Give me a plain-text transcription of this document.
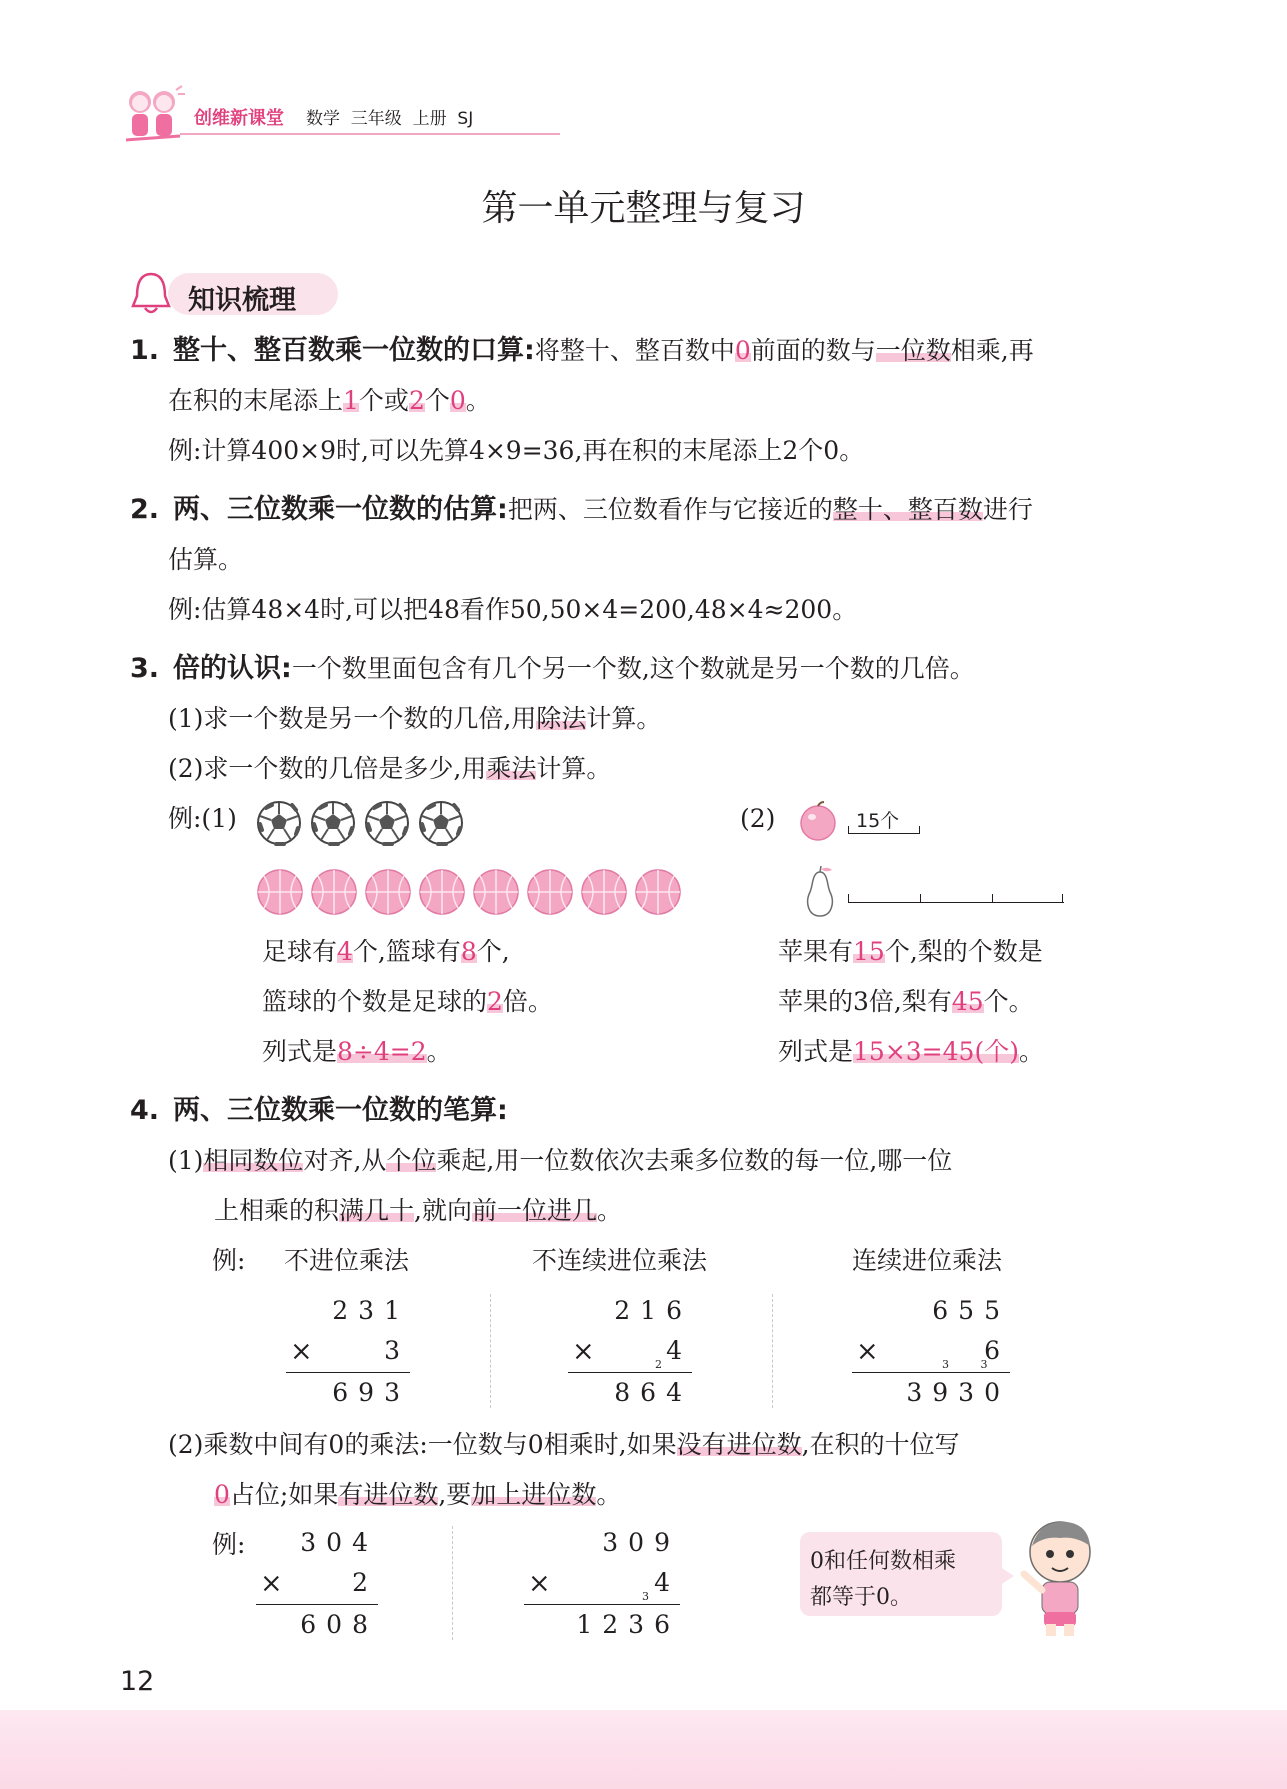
创维新课堂 数学  三年级  上册  SJ
第一单元整理与复习
知识梳理
1. 整十、整百数乘一位数的口算:将整十、整百数中0前面的数与一位数相乘,再
在积的末尾添上1个或2个0。
例:计算400×9时,可以先算4×9=36,再在积的末尾添上2个0。
2. 两、三位数乘一位数的估算:把两、三位数看作与它接近的整十、整百数进行
估算。
例:估算48×4时,可以把48看作50,50×4=200,48×4≈200。
3. 倍的认识:一个数里面包含有几个另一个数,这个数就是另一个数的几倍。
(1)求一个数是另一个数的几倍,用除法计算。
(2)求一个数的几倍是多少,用乘法计算。
例:(1)
足球有4个,篮球有8个,
篮球的个数是足球的2倍。
列式是8÷4=2。
(2)	15个
苹果有15个,梨的个数是
苹果的3倍,梨有45个。
列式是15×3=45(个)。
4. 两、三位数乘一位数的笔算:
(1)相同数位对齐,从个位乘起,用一位数依次去乘多位数的每一位,哪一位
上相乘的积满几十,就向前一位进几。
例: 不进位乘法	不连续进位乘法	连续进位乘法
231
×	3
693
216
×	2 4
864
655
×	3 3
6
3930
(2)乘数中间有0的乘法:一位数与0相乘时,如果没有进位数,在积的十位写
0占位;如果有进位数,要加上进位数。
例: 304
×	2
608
309
×	3 4
1236
0和任何数相乘
都等于0。
12
